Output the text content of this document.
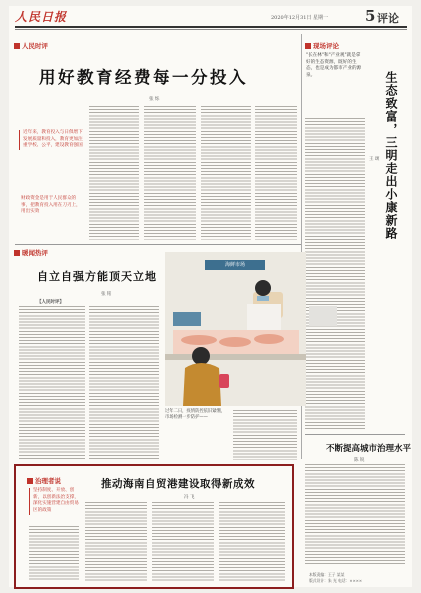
人民日报	2020年12月31日 星期一 5 评论
人民时评
用好教育经费每一分投入
张 烁
近年来，教育投入与日俱增下发展质量和投入，教育更加注重学校、公平，建设教育强国
财政资金是用于人民群众的事，把教育投入用在刀刃上，用出实效
现场评论
"长在林"和"产业观"就是拿好的生态资源，既好的生态，也是成为都市产业的源泉。	生态致富，三明走出小康新路
王 颂
不断提高城市治理水平
陈 锐
暖闻热评
自立自强方能顶天立地
张 铭
【人民时评】
海鲜市场
过年二日，疫情防控依旧紧绷，市场检测一步防护——
治理者说
坚持制度、开放、创新，以创新法治支撑，深化实施营建自由贸易区的政策
推动海南自贸港建设取得新成效
冯 飞
本版责编：王子 某某
版式设计：朱 光 电话：××××
